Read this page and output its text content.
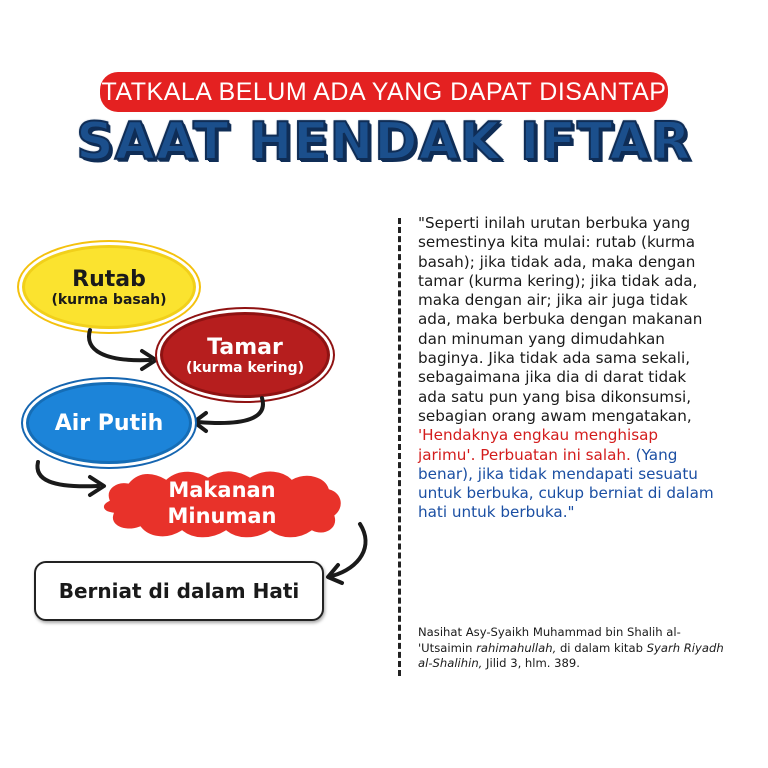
TATKALA BELUM ADA YANG DAPAT DISANTAP
SAAT HENDAK IFTAR
Rutab
(kurma basah)
Tamar
(kurma kering)
Air Putih
Makanan
Minuman
Berniat di dalam Hati
"Seperti inilah urutan berbuka yang semestinya kita mulai: rutab (kurma basah); jika tidak ada, maka dengan tamar (kurma kering); jika tidak ada, maka dengan air; jika air juga tidak ada, maka berbuka dengan makanan dan minuman yang dimudahkan baginya. Jika tidak ada sama sekali, sebagaimana jika dia di darat tidak ada satu pun yang bisa dikonsumsi, sebagian orang awam mengatakan, 'Hendaknya engkau menghisap jarimu'. Perbuatan ini salah. (Yang benar), jika tidak mendapati sesuatu untuk berbuka, cukup berniat di dalam hati untuk berbuka."
Nasihat Asy-Syaikh Muhammad bin Shalih al-'Utsaimin rahimahullah, di dalam kitab Syarh Riyadh al-Shalihin, Jilid 3, hlm. 389.
